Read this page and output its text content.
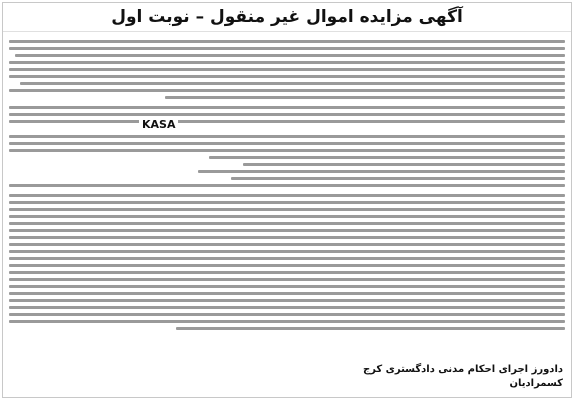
آگهی مزایده اموال غیر منقول – نوبت اول
KASA
دادورز اجرای احکام مدنی دادگستری کرج
کسمرادیان
